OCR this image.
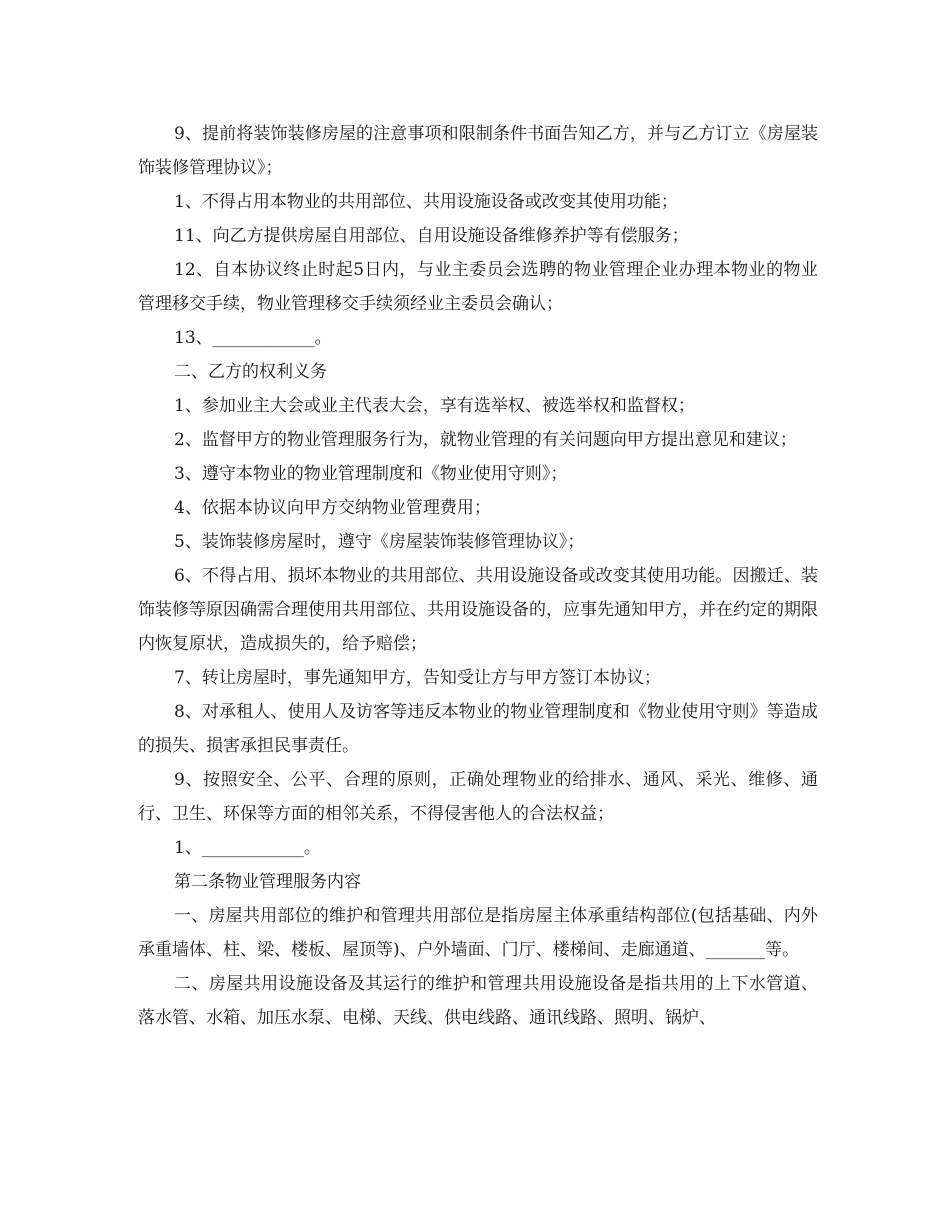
9、提前将装饰装修房屋的注意事项和限制条件书面告知乙方，并与乙方订立《房屋装饰装修管理协议》；

1、不得占用本物业的共用部位、共用设施设备或改变其使用功能；

11、向乙方提供房屋自用部位、自用设施设备维修养护等有偿服务；

12、自本协议终止时起5日内，与业主委员会选聘的物业管理企业办理本物业的物业管理移交手续，物业管理移交手续须经业主委员会确认；

13、____________。

二、乙方的权利义务

1、参加业主大会或业主代表大会，享有选举权、被选举权和监督权；

2、监督甲方的物业管理服务行为，就物业管理的有关问题向甲方提出意见和建议；

3、遵守本物业的物业管理制度和《物业使用守则》；

4、依据本协议向甲方交纳物业管理费用；

5、装饰装修房屋时，遵守《房屋装饰装修管理协议》；

6、不得占用、损坏本物业的共用部位、共用设施设备或改变其使用功能。因搬迁、装饰装修等原因确需合理使用共用部位、共用设施设备的，应事先通知甲方，并在约定的期限内恢复原状，造成损失的，给予赔偿；

7、转让房屋时，事先通知甲方，告知受让方与甲方签订本协议；

8、对承租人、使用人及访客等违反本物业的物业管理制度和《物业使用守则》等造成的损失、损害承担民事责任。

9、按照安全、公平、合理的原则，正确处理物业的给排水、通风、采光、维修、通行、卫生、环保等方面的相邻关系，不得侵害他人的合法权益；

1、____________。

第二条物业管理服务内容

一、房屋共用部位的维护和管理共用部位是指房屋主体承重结构部位(包括基础、内外承重墙体、柱、梁、楼板、屋顶等)、户外墙面、门厅、楼梯间、走廊通道、_______等。

二、房屋共用设施设备及其运行的维护和管理共用设施设备是指共用的上下水管道、落水管、水箱、加压水泵、电梯、天线、供电线路、通讯线路、照明、锅炉、
